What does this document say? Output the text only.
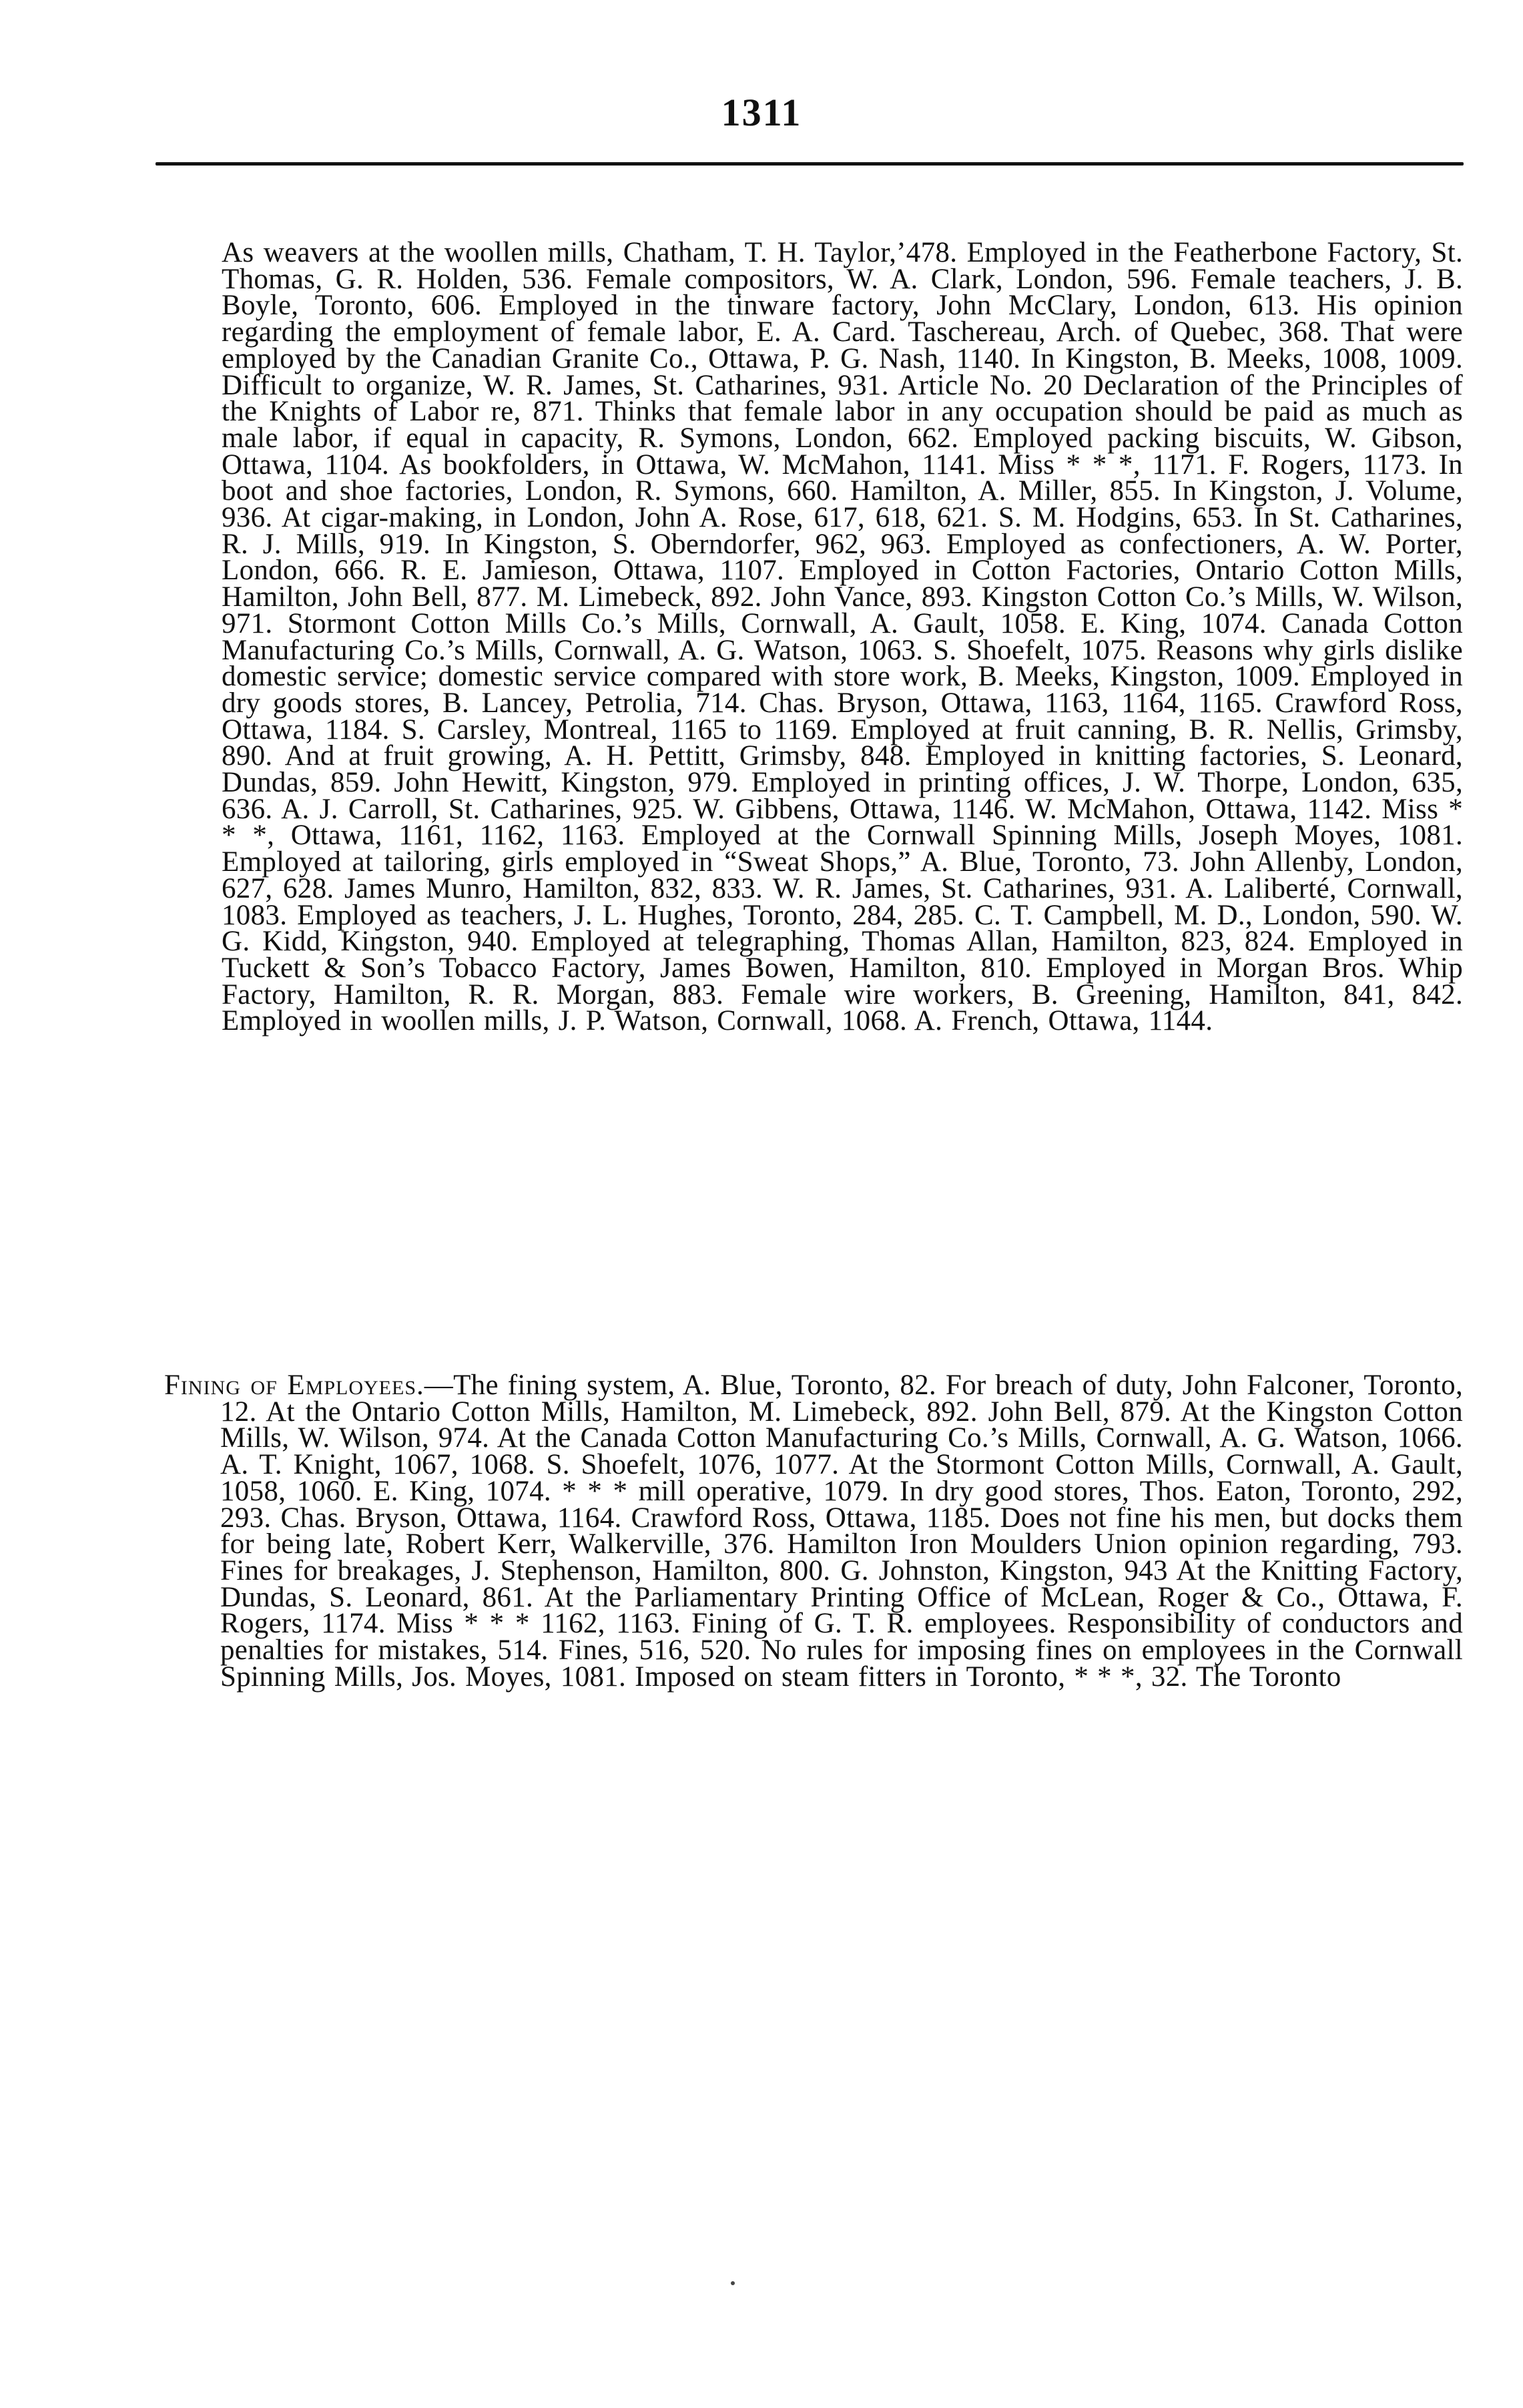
1311

As weavers at the woollen mills, Chatham, T. H. Taylor,’478. Employed in the Featherbone Factory, St. Thomas, G. R. Holden, 536. Female compositors, W. A. Clark, London, 596. Female teachers, J. B. Boyle, Toronto, 606. Employed in the tinware factory, John McClary, London, 613. His opinion regarding the employment of female labor, E. A. Card. Taschereau, Arch. of Quebec, 368. That were employed by the Canadian Granite Co., Ottawa, P. G. Nash, 1140. In Kingston, B. Meeks, 1008, 1009. Difficult to organize, W. R. James, St. Catharines, 931. Article No. 20 Declaration of the Principles of the Knights of Labor re, 871. Thinks that female labor in any occupation should be paid as much as male labor, if equal in capacity, R. Symons, London, 662. Employed packing biscuits, W. Gibson, Ottawa, 1104. As bookfolders, in Ottawa, W. McMahon, 1141. Miss * * *, 1171. F. Rogers, 1173. In boot and shoe factories, London, R. Symons, 660. Hamilton, A. Miller, 855. In Kingston, J. Volume, 936. At cigar-making, in London, John A. Rose, 617, 618, 621. S. M. Hodgins, 653. In St. Catharines, R. J. Mills, 919. In Kingston, S. Oberndorfer, 962, 963. Employed as confectioners, A. W. Porter, London, 666. R. E. Jamieson, Ottawa, 1107. Employed in Cotton Factories, Ontario Cotton Mills, Hamilton, John Bell, 877. M. Limebeck, 892. John Vance, 893. Kingston Cotton Co.’s Mills, W. Wilson, 971. Stormont Cotton Mills Co.’s Mills, Cornwall, A. Gault, 1058. E. King, 1074. Canada Cotton Manufacturing Co.’s Mills, Cornwall, A. G. Watson, 1063. S. Shoefelt, 1075. Reasons why girls dislike domestic service; domestic service compared with store work, B. Meeks, Kingston, 1009. Employed in dry goods stores, B. Lancey, Petrolia, 714. Chas. Bryson, Ottawa, 1163, 1164, 1165. Crawford Ross, Ottawa, 1184. S. Carsley, Montreal, 1165 to 1169. Employed at fruit canning, B. R. Nellis, Grimsby, 890. And at fruit growing, A. H. Pettitt, Grimsby, 848. Employed in knitting factories, S. Leonard, Dundas, 859. John Hewitt, Kingston, 979. Employed in printing offices, J. W. Thorpe, London, 635, 636. A. J. Carroll, St. Catharines, 925. W. Gibbens, Ottawa, 1146. W. McMahon, Ottawa, 1142. Miss * * *, Ottawa, 1161, 1162, 1163. Employed at the Cornwall Spinning Mills, Joseph Moyes, 1081. Employed at tailoring, girls employed in “Sweat Shops,” A. Blue, Toronto, 73. John Allenby, London, 627, 628. James Munro, Hamilton, 832, 833. W. R. James, St. Catharines, 931. A. Laliberté, Cornwall, 1083. Employed as teachers, J. L. Hughes, Toronto, 284, 285. C. T. Campbell, M. D., London, 590. W. G. Kidd, Kingston, 940. Employed at telegraphing, Thomas Allan, Hamilton, 823, 824. Employed in Tuckett & Son’s Tobacco Factory, James Bowen, Hamilton, 810. Employed in Morgan Bros. Whip Factory, Hamilton, R. R. Morgan, 883. Female wire workers, B. Greening, Hamilton, 841, 842. Employed in woollen mills, J. P. Watson, Cornwall, 1068. A. French, Ottawa, 1144.

Fining of Employees.—The fining system, A. Blue, Toronto, 82. For breach of duty, John Falconer, Toronto, 12. At the Ontario Cotton Mills, Hamilton, M. Limebeck, 892. John Bell, 879. At the Kingston Cotton Mills, W. Wilson, 974. At the Canada Cotton Manufacturing Co.’s Mills, Cornwall, A. G. Watson, 1066. A. T. Knight, 1067, 1068. S. Shoefelt, 1076, 1077. At the Stormont Cotton Mills, Cornwall, A. Gault, 1058, 1060. E. King, 1074. * * * mill operative, 1079. In dry good stores, Thos. Eaton, Toronto, 292, 293. Chas. Bryson, Ottawa, 1164. Crawford Ross, Ottawa, 1185. Does not fine his men, but docks them for being late, Robert Kerr, Walkerville, 376. Hamilton Iron Moulders Union opinion regarding, 793. Fines for breakages, J. Stephenson, Hamilton, 800. G. Johnston, Kingston, 943 At the Knitting Factory, Dundas, S. Leonard, 861. At the Parliamentary Printing Office of McLean, Roger & Co., Ottawa, F. Rogers, 1174. Miss * * * 1162, 1163. Fining of G. T. R. employees. Responsibility of conductors and penalties for mistakes, 514. Fines, 516, 520. No rules for imposing fines on employees in the Cornwall Spinning Mills, Jos. Moyes, 1081. Imposed on steam fitters in Toronto, * * *, 32. The Toronto
